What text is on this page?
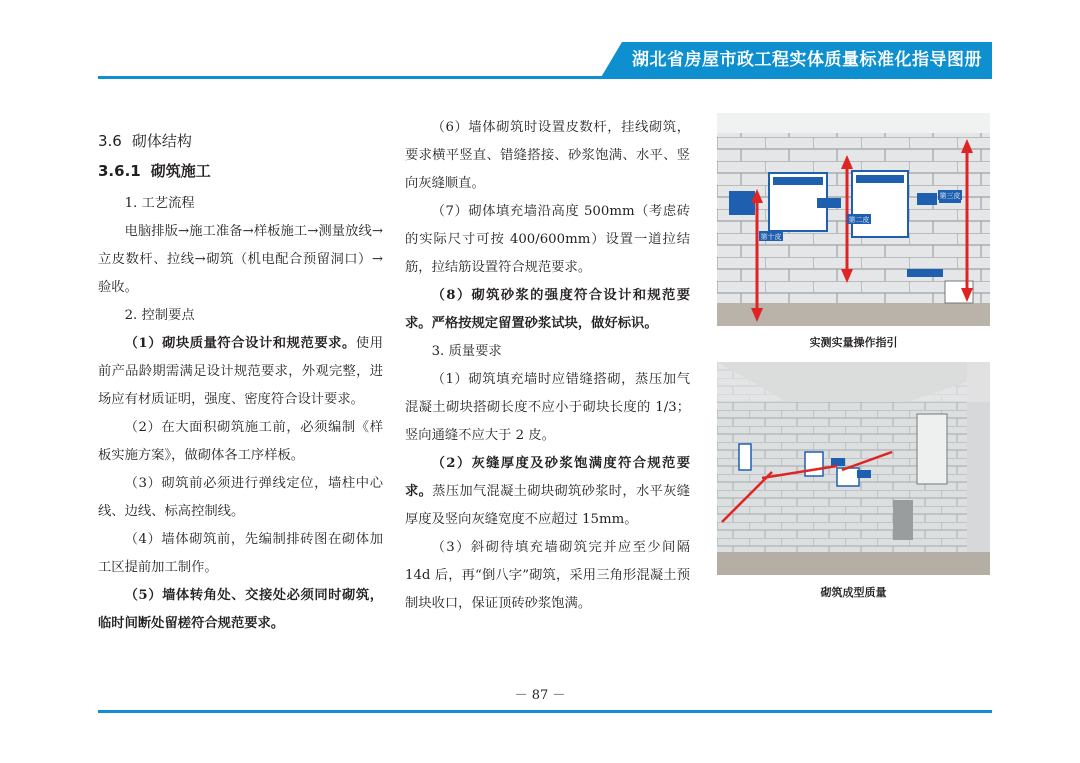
湖北省房屋市政工程实体质量标准化指导图册

3.6 砌体结构

3.6.1 砌筑施工

1. 工艺流程

电脑排版→施工准备→样板施工→测量放线→立皮数杆、拉线→砌筑（机电配合预留洞口）→验收。

2. 控制要点

（1）砌块质量符合设计和规范要求。使用前产品龄期需满足设计规范要求，外观完整，进场应有材质证明，强度、密度符合设计要求。

（2）在大面积砌筑施工前，必须编制《样板实施方案》，做砌体各工序样板。

（3）砌筑前必须进行弹线定位，墙柱中心线、边线、标高控制线。

（4）墙体砌筑前，先编制排砖图在砌体加工区提前加工制作。

（5）墙体转角处、交接处必须同时砌筑，临时间断处留槎符合规范要求。

（6）墙体砌筑时设置皮数杆，挂线砌筑，要求横平竖直、错缝搭接、砂浆饱满、水平、竖向灰缝顺直。

（7）砌体填充墙沿高度 500mm（考虑砖的实际尺寸可按 400/600mm）设置一道拉结筋，拉结筋设置符合规范要求。

（8）砌筑砂浆的强度符合设计和规范要求。严格按规定留置砂浆试块，做好标识。

3. 质量要求

（1）砌筑填充墙时应错缝搭砌，蒸压加气混凝土砌块搭砌长度不应小于砌块长度的 1/3；竖向通缝不应大于 2 皮。

（2）灰缝厚度及砂浆饱满度符合规范要求。蒸压加气混凝土砌块砌筑砂浆时，水平灰缝厚度及竖向灰缝宽度不应超过 15mm。

（3）斜砌待填充墙砌筑完并应至少间隔 14d 后，再“倒八字”砌筑，采用三角形混凝土预制块收口，保证顶砖砂浆饱满。

第十皮
第二皮
第三皮
实测实量操作指引
砌筑成型质量
－ 87 －
